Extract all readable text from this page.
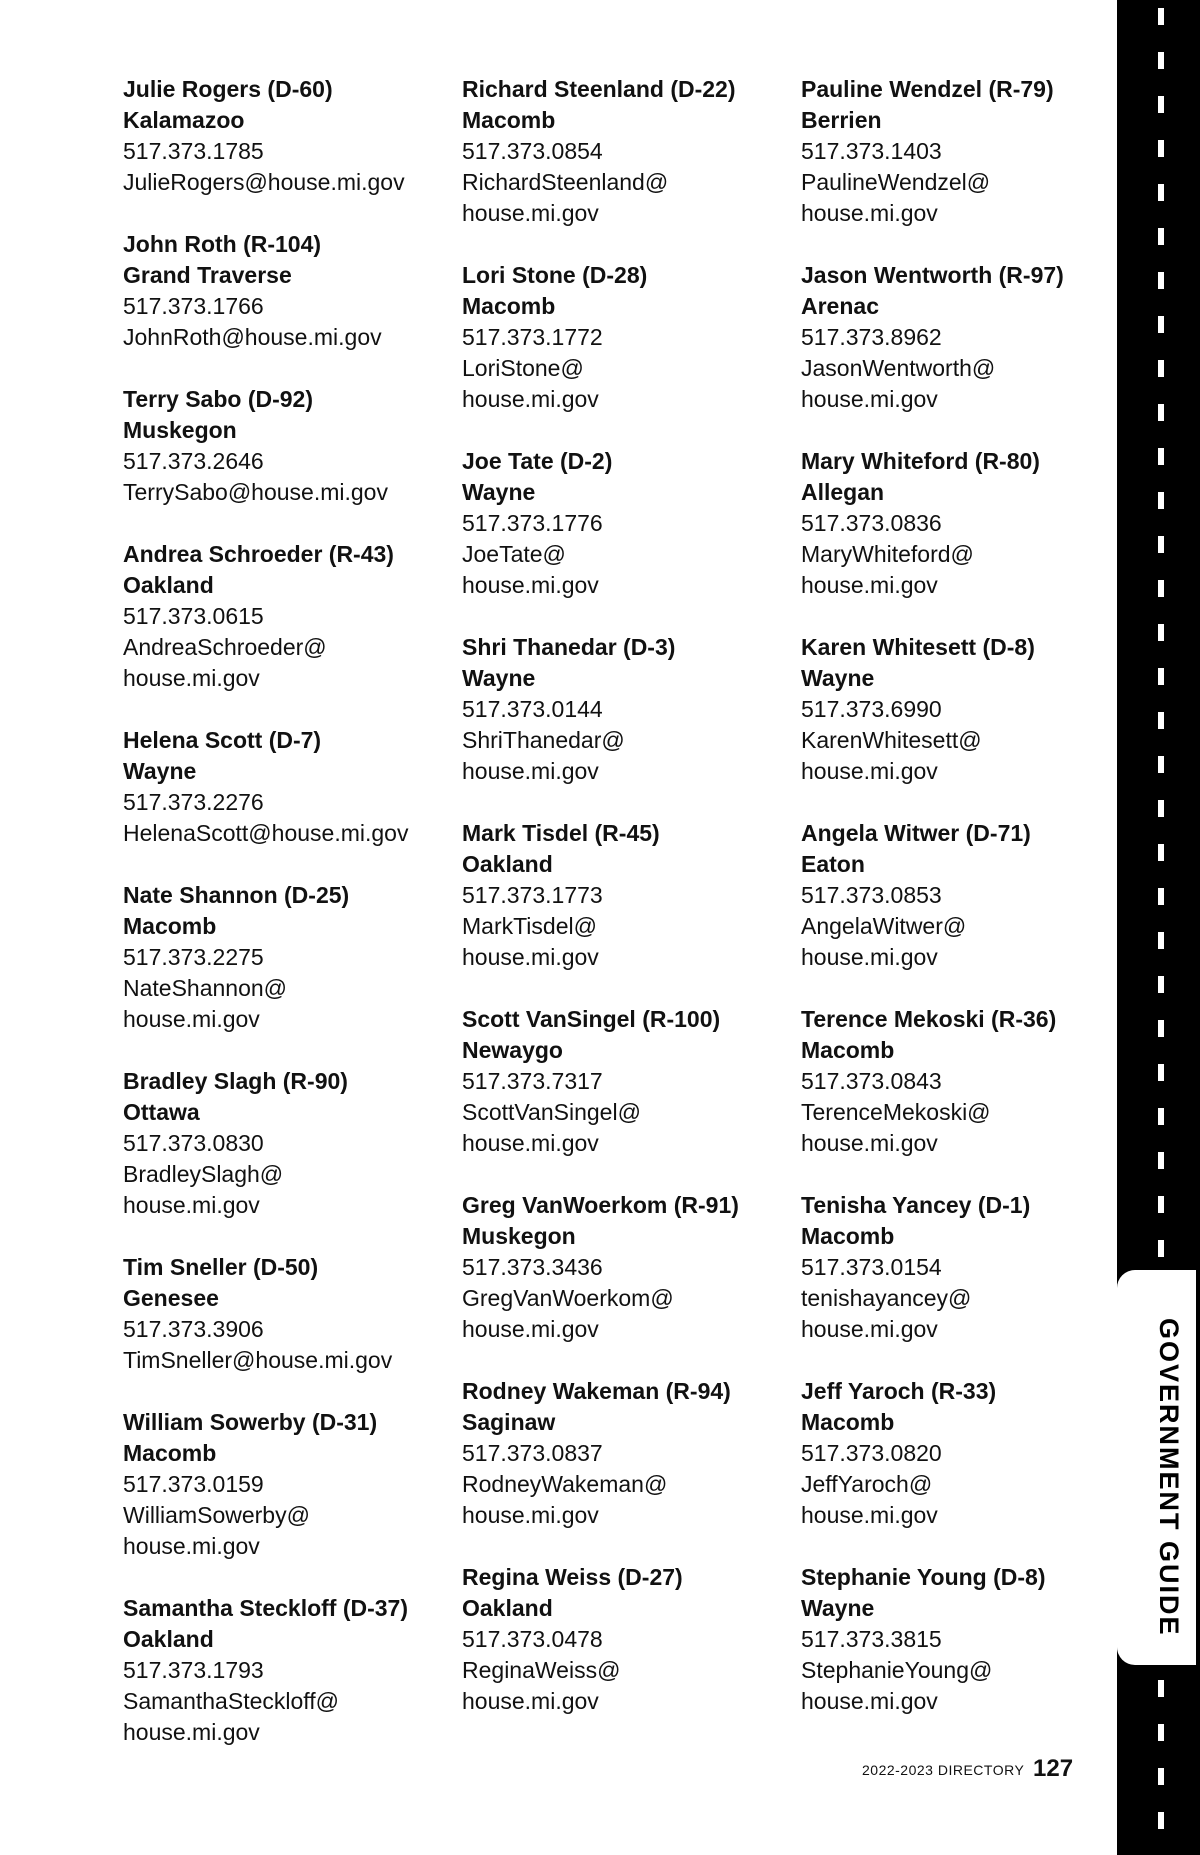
Julie Rogers (D-60)
Kalamazoo
517.373.1785
JulieRogers@house.mi.gov
John Roth (R-104)
Grand Traverse
517.373.1766
JohnRoth@house.mi.gov
Terry Sabo (D-92)
Muskegon
517.373.2646
TerrySabo@house.mi.gov
Andrea Schroeder (R-43)
Oakland
517.373.0615
AndreaSchroeder@
house.mi.gov
Helena Scott (D-7)
Wayne
517.373.2276
HelenaScott@house.mi.gov
Nate Shannon (D-25)
Macomb
517.373.2275
NateShannon@
house.mi.gov
Bradley Slagh (R-90)
Ottawa
517.373.0830
BradleySlagh@
house.mi.gov
Tim Sneller (D-50)
Genesee
517.373.3906
TimSneller@house.mi.gov
William Sowerby (D-31)
Macomb
517.373.0159
WilliamSowerby@
house.mi.gov
Samantha Steckloff (D-37)
Oakland
517.373.1793
SamanthaSteckloff@
house.mi.gov
Richard Steenland (D-22)
Macomb
517.373.0854
RichardSteenland@
house.mi.gov
Lori Stone (D-28)
Macomb
517.373.1772
LoriStone@
house.mi.gov
Joe Tate (D-2)
Wayne
517.373.1776
JoeTate@
house.mi.gov
Shri Thanedar (D-3)
Wayne
517.373.0144
ShriThanedar@
house.mi.gov
Mark Tisdel (R-45)
Oakland
517.373.1773
MarkTisdel@
house.mi.gov
Scott VanSingel (R-100)
Newaygo
517.373.7317
ScottVanSingel@
house.mi.gov
Greg VanWoerkom (R-91)
Muskegon
517.373.3436
GregVanWoerkom@
house.mi.gov
Rodney Wakeman (R-94)
Saginaw
517.373.0837
RodneyWakeman@
house.mi.gov
Regina Weiss (D-27)
Oakland
517.373.0478
ReginaWeiss@
house.mi.gov
Pauline Wendzel (R-79)
Berrien
517.373.1403
PaulineWendzel@
house.mi.gov
Jason Wentworth (R-97)
Arenac
517.373.8962
JasonWentworth@
house.mi.gov
Mary Whiteford (R-80)
Allegan
517.373.0836
MaryWhiteford@
house.mi.gov
Karen Whitesett (D-8)
Wayne
517.373.6990
KarenWhitesett@
house.mi.gov
Angela Witwer (D-71)
Eaton
517.373.0853
AngelaWitwer@
house.mi.gov
Terence Mekoski (R-36)
Macomb
517.373.0843
TerenceMekoski@
house.mi.gov
Tenisha Yancey (D-1)
Macomb
517.373.0154
tenishayancey@
house.mi.gov
Jeff Yaroch (R-33)
Macomb
517.373.0820
JeffYaroch@
house.mi.gov
Stephanie Young (D-8)
Wayne
517.373.3815
StephanieYoung@
house.mi.gov
GOVERNMENT GUIDE
2022-2023 DIRECTORY 127
